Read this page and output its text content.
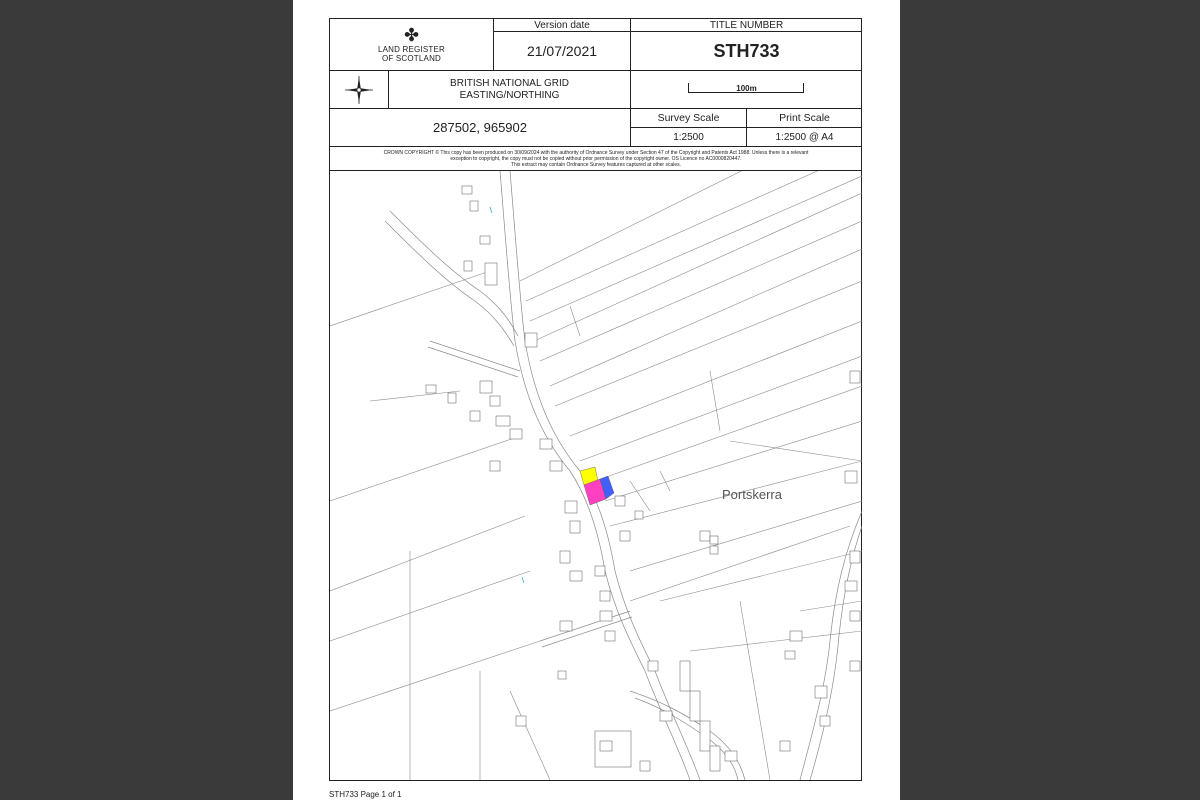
✤
LAND REGISTER
OF SCOTLAND
Version date
21/07/2021
TITLE NUMBER
STH733
BRITISH NATIONAL GRID
EASTING/NORTHING
100m
287502, 965902
Survey Scale	Print Scale
1:2500	1:2500 @ A4
CROWN COPYRIGHT © This copy has been produced on 30/09/2024 with the authority of Ordnance Survey under Section 47 of the Copyright and Patents Act 1988. Unless there is a relevant
exception to copyright, the copy must not be copied without prior permission of the copyright owner. OS Licence no AC0000820447.
This extract may contain Ordnance Survey features captured at other scales.
Portskerra
STH733 Page 1 of 1
